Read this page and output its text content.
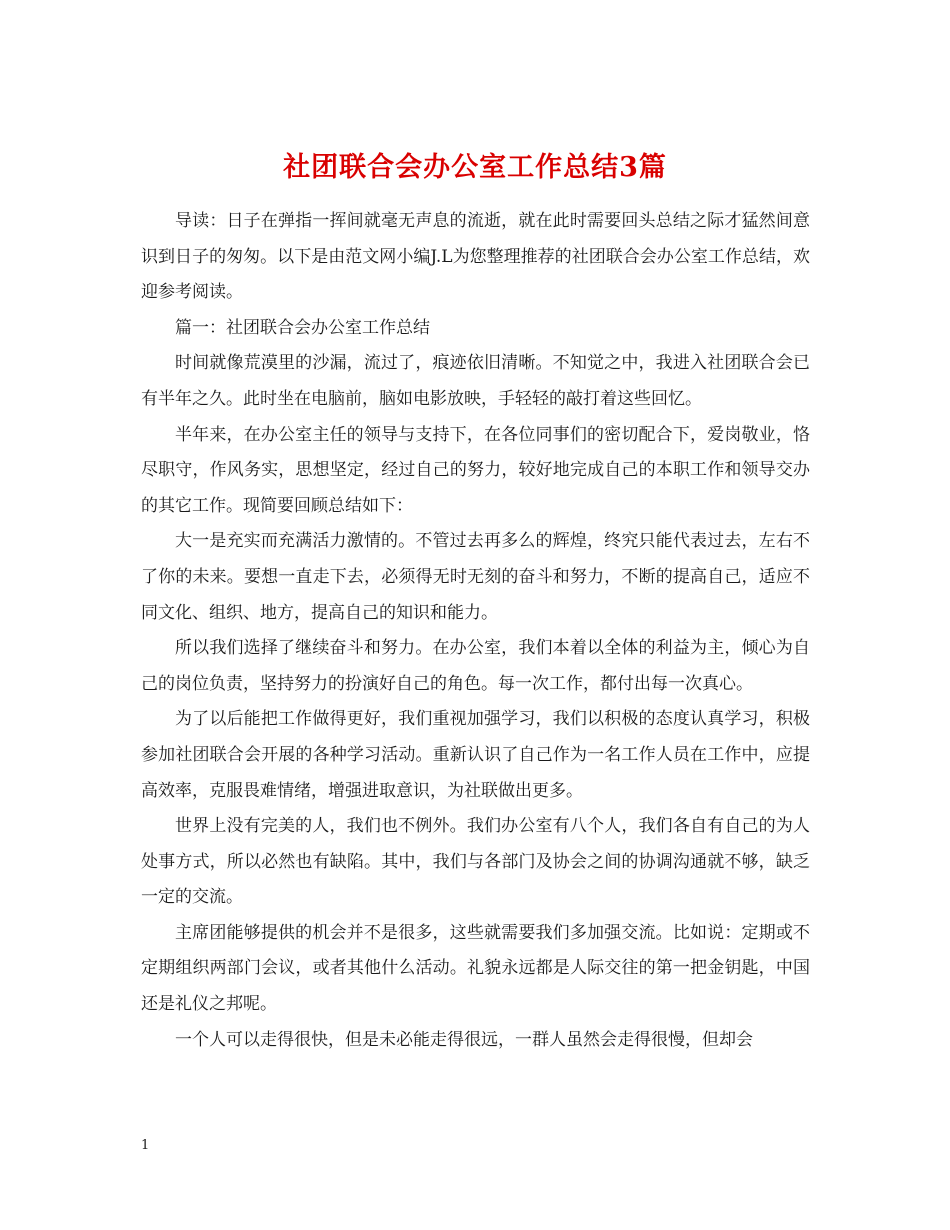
社团联合会办公室工作总结3篇

导读：日子在弹指一挥间就毫无声息的流逝，就在此时需要回头总结之际才猛然间意识到日子的匆匆。以下是由范文网小编J.L为您整理推荐的社团联合会办公室工作总结，欢迎参考阅读。

篇一：社团联合会办公室工作总结

时间就像荒漠里的沙漏，流过了，痕迹依旧清晰。不知觉之中，我进入社团联合会已有半年之久。此时坐在电脑前，脑如电影放映，手轻轻的敲打着这些回忆。

半年来，在办公室主任的领导与支持下，在各位同事们的密切配合下，爱岗敬业，恪尽职守，作风务实，思想坚定，经过自己的努力，较好地完成自己的本职工作和领导交办的其它工作。现简要回顾总结如下：

大一是充实而充满活力激情的。不管过去再多么的辉煌，终究只能代表过去，左右不了你的未来。要想一直走下去，必须得无时无刻的奋斗和努力，不断的提高自己，适应不同文化、组织、地方，提高自己的知识和能力。

所以我们选择了继续奋斗和努力。在办公室，我们本着以全体的利益为主，倾心为自己的岗位负责，坚持努力的扮演好自己的角色。每一次工作，都付出每一次真心。

为了以后能把工作做得更好，我们重视加强学习，我们以积极的态度认真学习，积极参加社团联合会开展的各种学习活动。重新认识了自己作为一名工作人员在工作中，应提高效率，克服畏难情绪，增强进取意识，为社联做出更多。

世界上没有完美的人，我们也不例外。我们办公室有八个人，我们各自有自己的为人处事方式，所以必然也有缺陷。其中，我们与各部门及协会之间的协调沟通就不够，缺乏一定的交流。

主席团能够提供的机会并不是很多，这些就需要我们多加强交流。比如说：定期或不定期组织两部门会议，或者其他什么活动。礼貌永远都是人际交往的第一把金钥匙，中国还是礼仪之邦呢。

一个人可以走得很快，但是未必能走得很远，一群人虽然会走得很慢，但却会

1
